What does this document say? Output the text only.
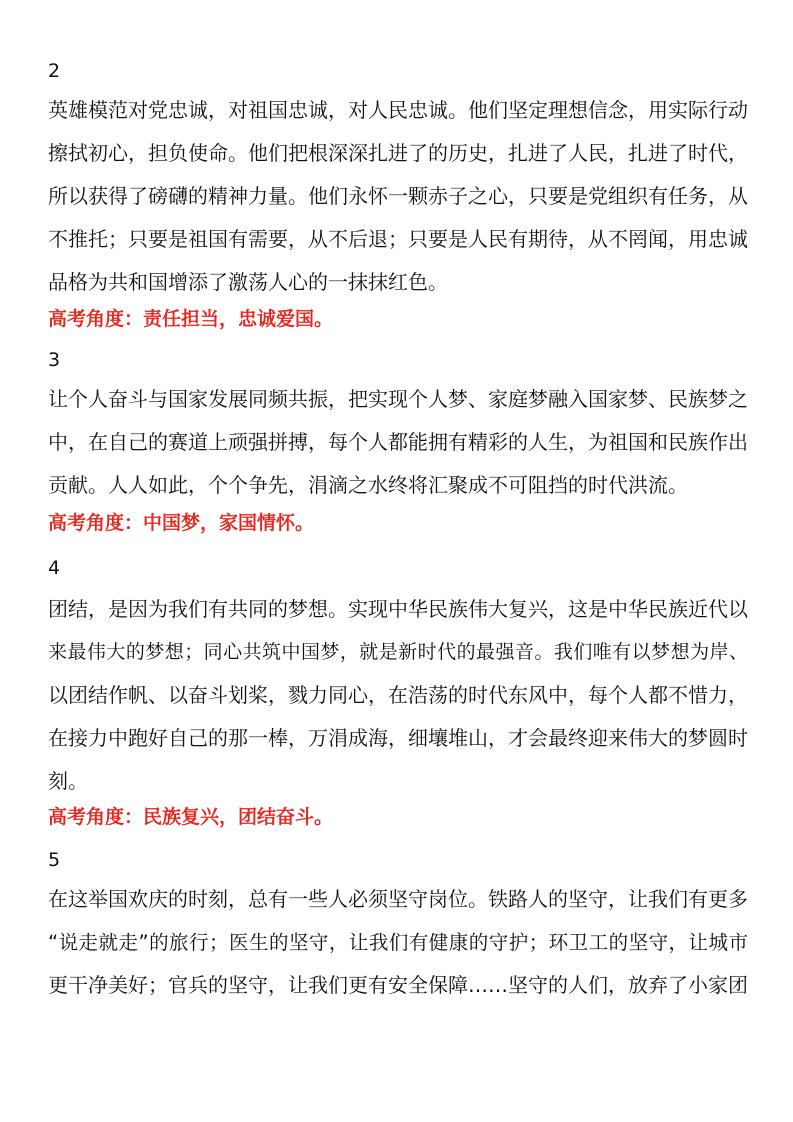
2
英雄模范对党忠诚，对祖国忠诚，对人民忠诚。他们坚定理想信念，用实际行动
擦拭初心，担负使命。他们把根深深扎进了的历史，扎进了人民，扎进了时代，
所以获得了磅礴的精神力量。他们永怀一颗赤子之心，只要是党组织有任务，从
不推托；只要是祖国有需要，从不后退；只要是人民有期待，从不罔闻，用忠诚
品格为共和国增添了激荡人心的一抹抹红色。
高考角度：责任担当，忠诚爱国。
3
让个人奋斗与国家发展同频共振，把实现个人梦、家庭梦融入国家梦、民族梦之
中，在自己的赛道上顽强拼搏，每个人都能拥有精彩的人生，为祖国和民族作出
贡献。人人如此，个个争先，涓滴之水终将汇聚成不可阻挡的时代洪流。
高考角度：中国梦，家国情怀。
4
团结，是因为我们有共同的梦想。实现中华民族伟大复兴，这是中华民族近代以
来最伟大的梦想；同心共筑中国梦，就是新时代的最强音。我们唯有以梦想为岸、
以团结作帆、以奋斗划桨，戮力同心，在浩荡的时代东风中，每个人都不惜力，
在接力中跑好自己的那一棒，万涓成海，细壤堆山，才会最终迎来伟大的梦圆时
刻。
高考角度：民族复兴，团结奋斗。
5
在这举国欢庆的时刻，总有一些人必须坚守岗位。铁路人的坚守，让我们有更多
“说走就走”的旅行；医生的坚守，让我们有健康的守护；环卫工的坚守，让城市
更干净美好；官兵的坚守，让我们更有安全保障……坚守的人们，放弃了小家团
